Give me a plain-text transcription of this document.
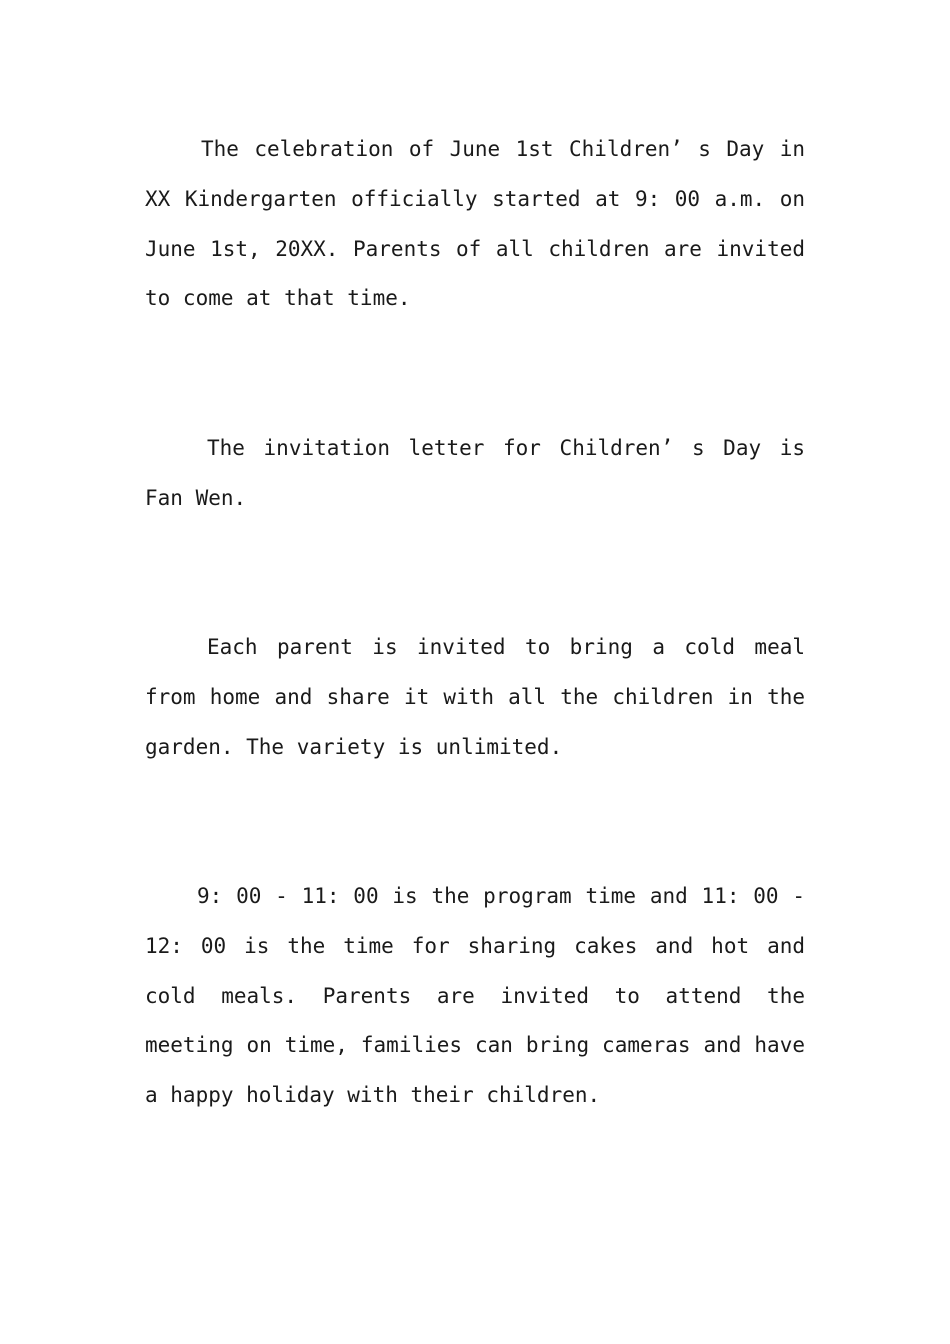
The celebration of June 1st Children’ s Day in XX Kindergarten officially started at 9: 00 a.m. on June 1st, 20XX. Parents of all children are invited to come at that time.

The invitation letter for Children’ s Day is Fan Wen.

Each parent is invited to bring a cold meal from home and share it with all the children in the garden. The variety is unlimited.

9: 00 - 11: 00 is the program time and 11: 00 - 12: 00 is the time for sharing cakes and hot and cold meals. Parents are invited to attend the meeting on time, families can bring cameras and have a happy holiday with their children.
